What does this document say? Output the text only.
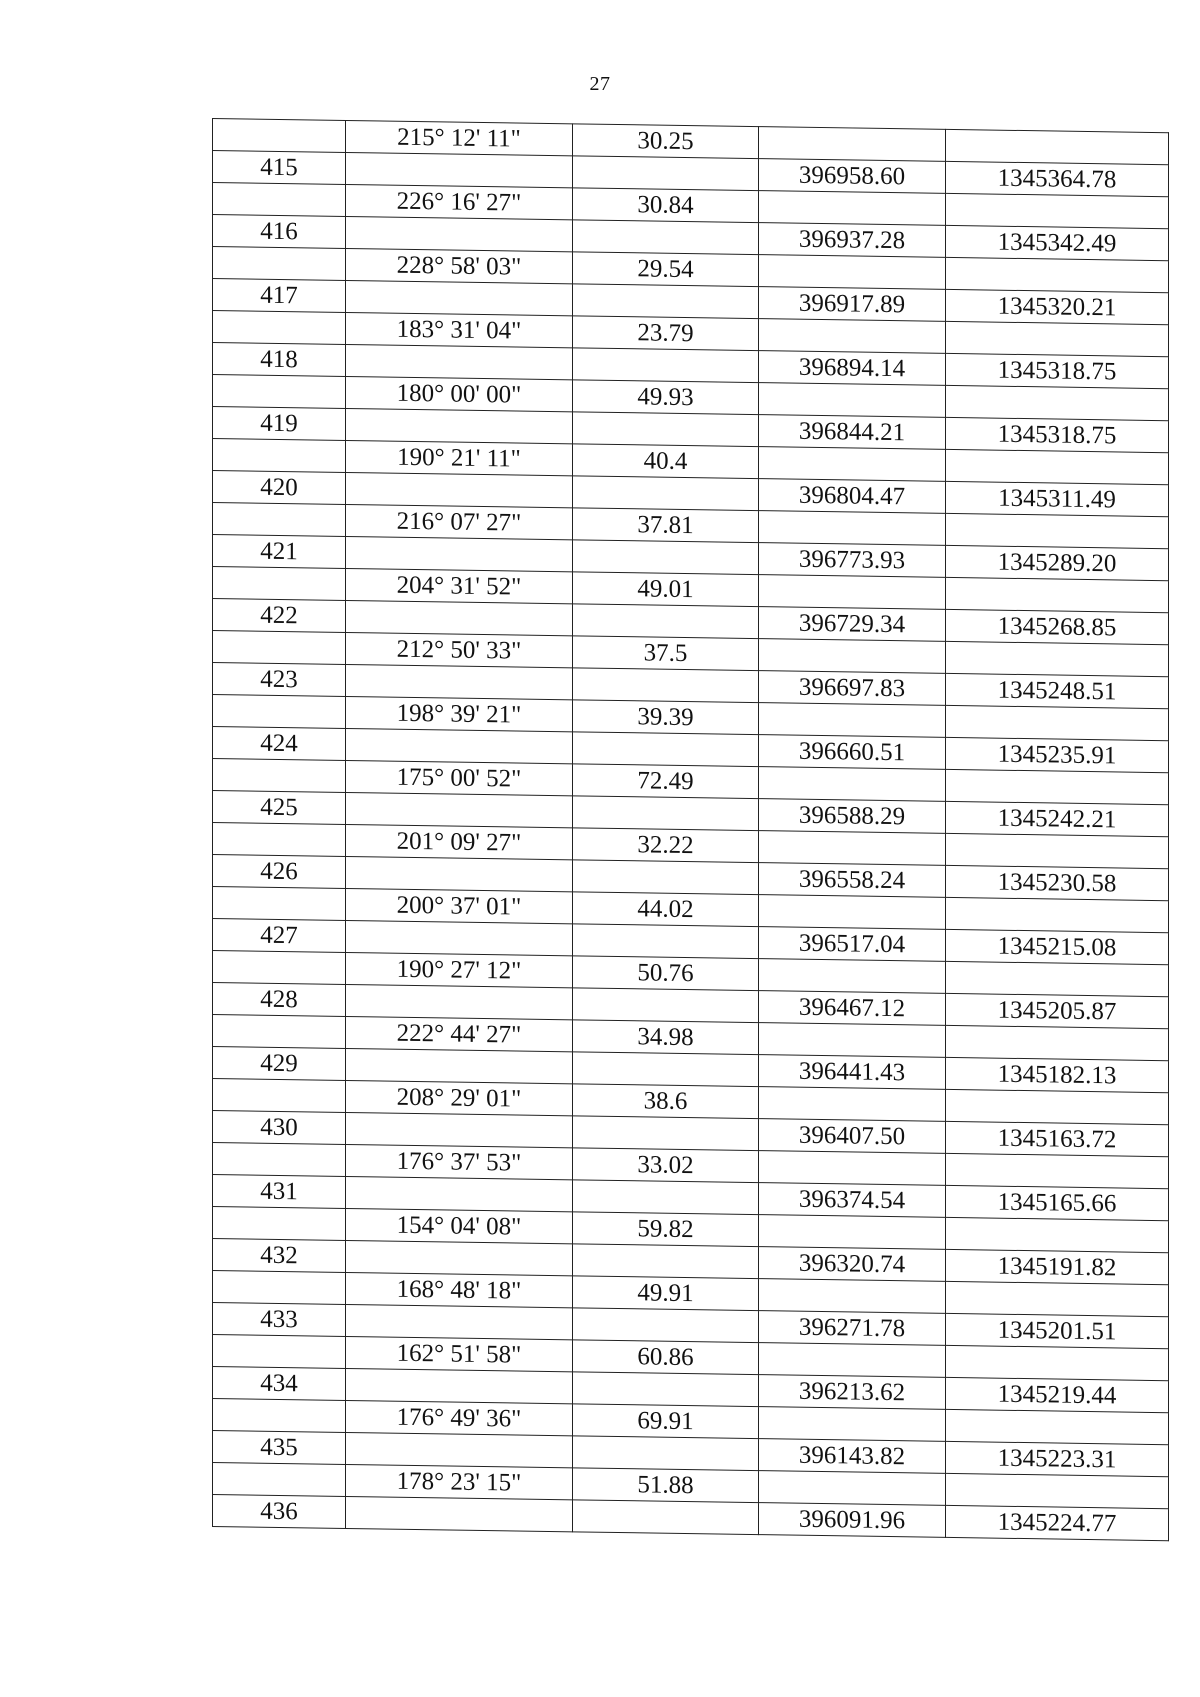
27
	215° 12' 11"	30.25		
415			396958.60	1345364.78
	226° 16' 27"	30.84		
416			396937.28	1345342.49
	228° 58' 03"	29.54		
417			396917.89	1345320.21
	183° 31' 04"	23.79		
418			396894.14	1345318.75
	180° 00' 00"	49.93		
419			396844.21	1345318.75
	190° 21' 11"	40.4		
420			396804.47	1345311.49
	216° 07' 27"	37.81		
421			396773.93	1345289.20
	204° 31' 52"	49.01		
422			396729.34	1345268.85
	212° 50' 33"	37.5		
423			396697.83	1345248.51
	198° 39' 21"	39.39		
424			396660.51	1345235.91
	175° 00' 52"	72.49		
425			396588.29	1345242.21
	201° 09' 27"	32.22		
426			396558.24	1345230.58
	200° 37' 01"	44.02		
427			396517.04	1345215.08
	190° 27' 12"	50.76		
428			396467.12	1345205.87
	222° 44' 27"	34.98		
429			396441.43	1345182.13
	208° 29' 01"	38.6		
430			396407.50	1345163.72
	176° 37' 53"	33.02		
431			396374.54	1345165.66
	154° 04' 08"	59.82		
432			396320.74	1345191.82
	168° 48' 18"	49.91		
433			396271.78	1345201.51
	162° 51' 58"	60.86		
434			396213.62	1345219.44
	176° 49' 36"	69.91		
435			396143.82	1345223.31
	178° 23' 15"	51.88		
436			396091.96	1345224.77
